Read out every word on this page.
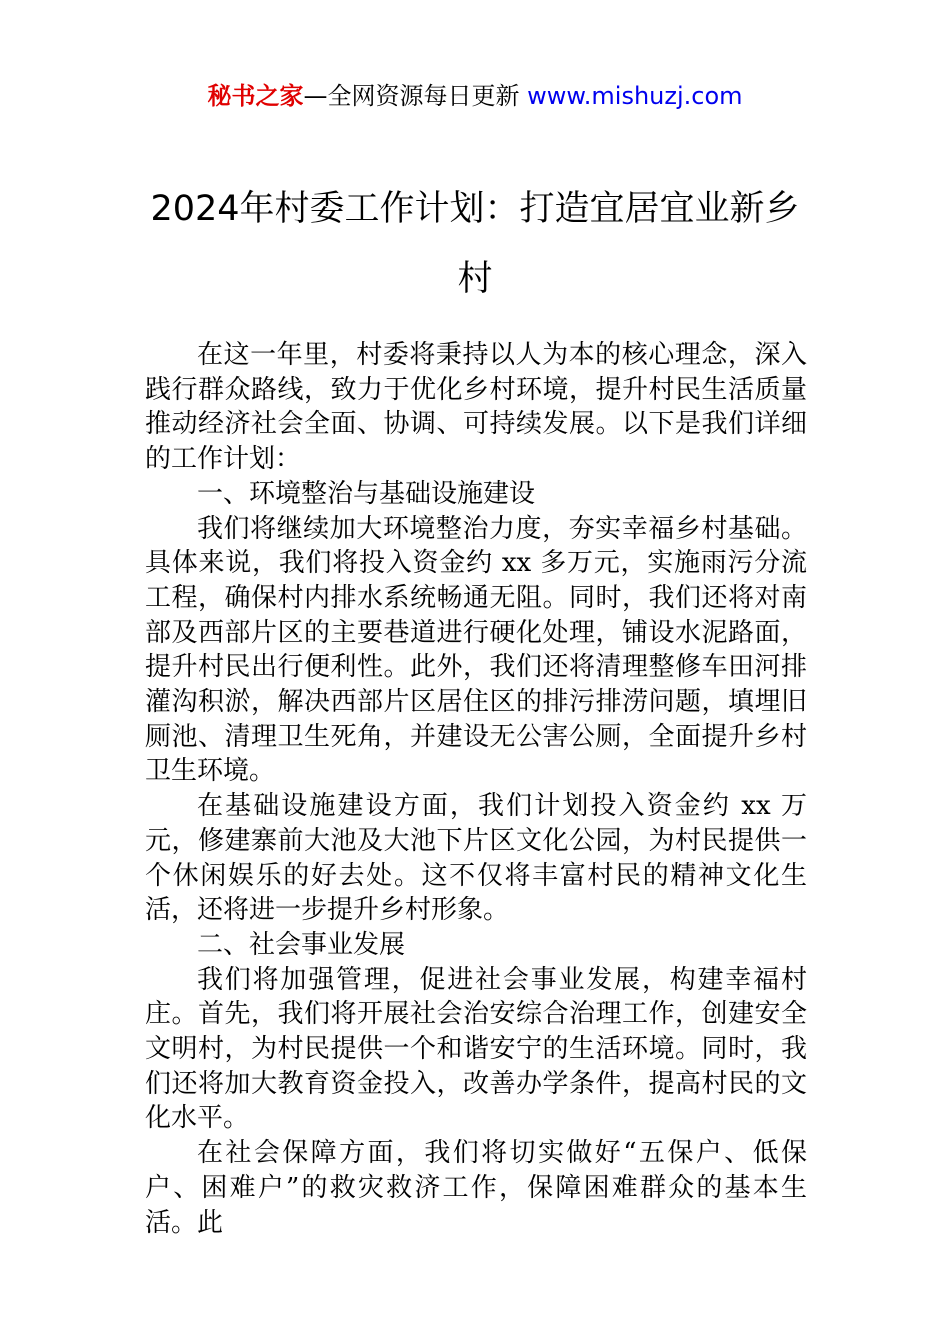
秘书之家—全网资源每日更新 www.mishuzj.com
2024年村委工作计划：打造宜居宜业新乡村

在这一年里，村委将秉持以人为本的核心理念，深入践行群众路线，致力于优化乡村环境，提升村民生活质量推动经济社会全面、协调、可持续发展。以下是我们详细的工作计划：

一、环境整治与基础设施建设

我们将继续加大环境整治力度，夯实幸福乡村基础。具体来说，我们将投入资金约 xx 多万元，实施雨污分流工程，确保村内排水系统畅通无阻。同时，我们还将对南部及西部片区的主要巷道进行硬化处理，铺设水泥路面，提升村民出行便利性。此外，我们还将清理整修车田河排灌沟积淤，解决西部片区居住区的排污排涝问题，填埋旧厕池、清理卫生死角，并建设无公害公厕，全面提升乡村卫生环境。

在基础设施建设方面，我们计划投入资金约 xx 万元，修建寨前大池及大池下片区文化公园，为村民提供一个休闲娱乐的好去处。这不仅将丰富村民的精神文化生活，还将进一步提升乡村形象。

二、社会事业发展

我们将加强管理，促进社会事业发展，构建幸福村庄。首先，我们将开展社会治安综合治理工作，创建安全文明村，为村民提供一个和谐安宁的生活环境。同时，我们还将加大教育资金投入，改善办学条件，提高村民的文化水平。

在社会保障方面，我们将切实做好“五保户、低保户、困难户”的救灾救济工作，保障困难群众的基本生活。此
